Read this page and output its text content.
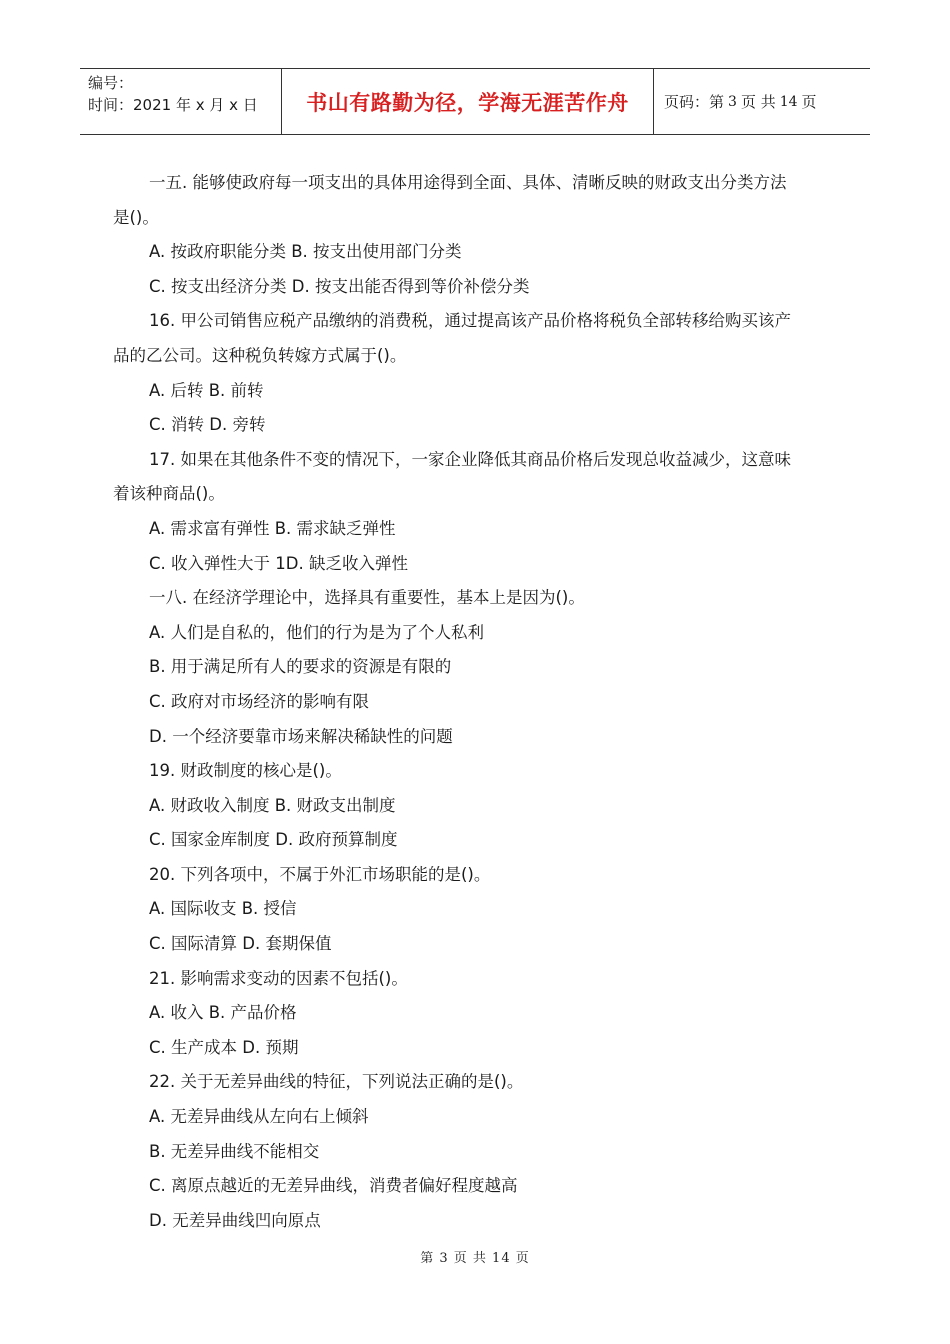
编号：
时间：2021 年 x 月 x 日	书山有路勤为径，学海无涯苦作舟 页码：第 3 页 共 14 页
一五. 能够使政府每一项支出的具体用途得到全面、具体、清晰反映的财政支出分类方法
是()。
A. 按政府职能分类 B. 按支出使用部门分类
C. 按支出经济分类 D. 按支出能否得到等价补偿分类
16. 甲公司销售应税产品缴纳的消费税，通过提高该产品价格将税负全部转移给购买该产
品的乙公司。这种税负转嫁方式属于()。
A. 后转 B. 前转
C. 消转 D. 旁转
17. 如果在其他条件不变的情况下，一家企业降低其商品价格后发现总收益减少，这意味
着该种商品()。
A. 需求富有弹性 B. 需求缺乏弹性
C. 收入弹性大于 1D. 缺乏收入弹性
一八. 在经济学理论中，选择具有重要性，基本上是因为()。
A. 人们是自私的，他们的行为是为了个人私利
B. 用于满足所有人的要求的资源是有限的
C. 政府对市场经济的影响有限
D. 一个经济要靠市场来解决稀缺性的问题
19. 财政制度的核心是()。
A. 财政收入制度 B. 财政支出制度
C. 国家金库制度 D. 政府预算制度
20. 下列各项中，不属于外汇市场职能的是()。
A. 国际收支 B. 授信
C. 国际清算 D. 套期保值
21. 影响需求变动的因素不包括()。
A. 收入 B. 产品价格
C. 生产成本 D. 预期
22. 关于无差异曲线的特征，下列说法正确的是()。
A. 无差异曲线从左向右上倾斜
B. 无差异曲线不能相交
C. 离原点越近的无差异曲线，消费者偏好程度越高
D. 无差异曲线凹向原点
第 3 页 共 14 页
